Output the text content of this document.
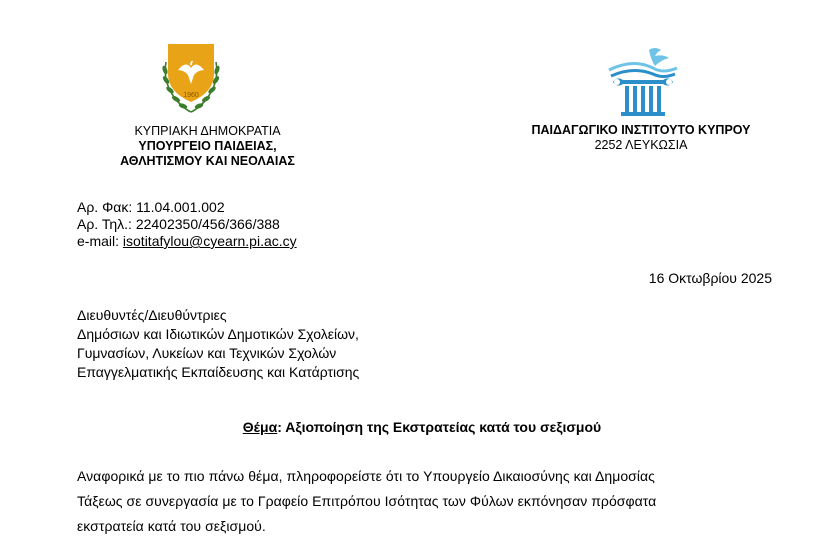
1960
ΚΥΠΡΙΑΚΗ ΔΗΜΟΚΡΑΤΙΑ
ΥΠΟΥΡΓΕΙΟ ΠΑΙΔΕΙΑΣ,
ΑΘΛΗΤΙΣΜΟΥ ΚΑΙ ΝΕΟΛΑΙΑΣ
ΠΑΙΔΑΓΩΓΙΚΟ ΙΝΣΤΙΤΟΥΤΟ ΚΥΠΡΟΥ
2252 ΛΕΥΚΩΣΙΑ
Αρ. Φακ: 11.04.001.002
Αρ. Τηλ.: 22402350/456/366/388
e-mail: isotitafylou@cyearn.pi.ac.cy
16 Οκτωβρίου 2025
Διευθυντές/Διευθύντριες
Δημόσιων και Ιδιωτικών Δημοτικών Σχολείων,
Γυμνασίων, Λυκείων και Τεχνικών Σχολών
Επαγγελματικής Εκπαίδευσης και Κατάρτισης
Θέμα: Αξιοποίηση της Εκστρατείας κατά του σεξισμού
Αναφορικά με το πιο πάνω θέμα, πληροφορείστε ότι το Υπουργείο Δικαιοσύνης και Δημοσίας
Τάξεως σε συνεργασία με το Γραφείο Επιτρόπου Ισότητας των Φύλων εκπόνησαν πρόσφατα
εκστρατεία κατά του σεξισμού.
